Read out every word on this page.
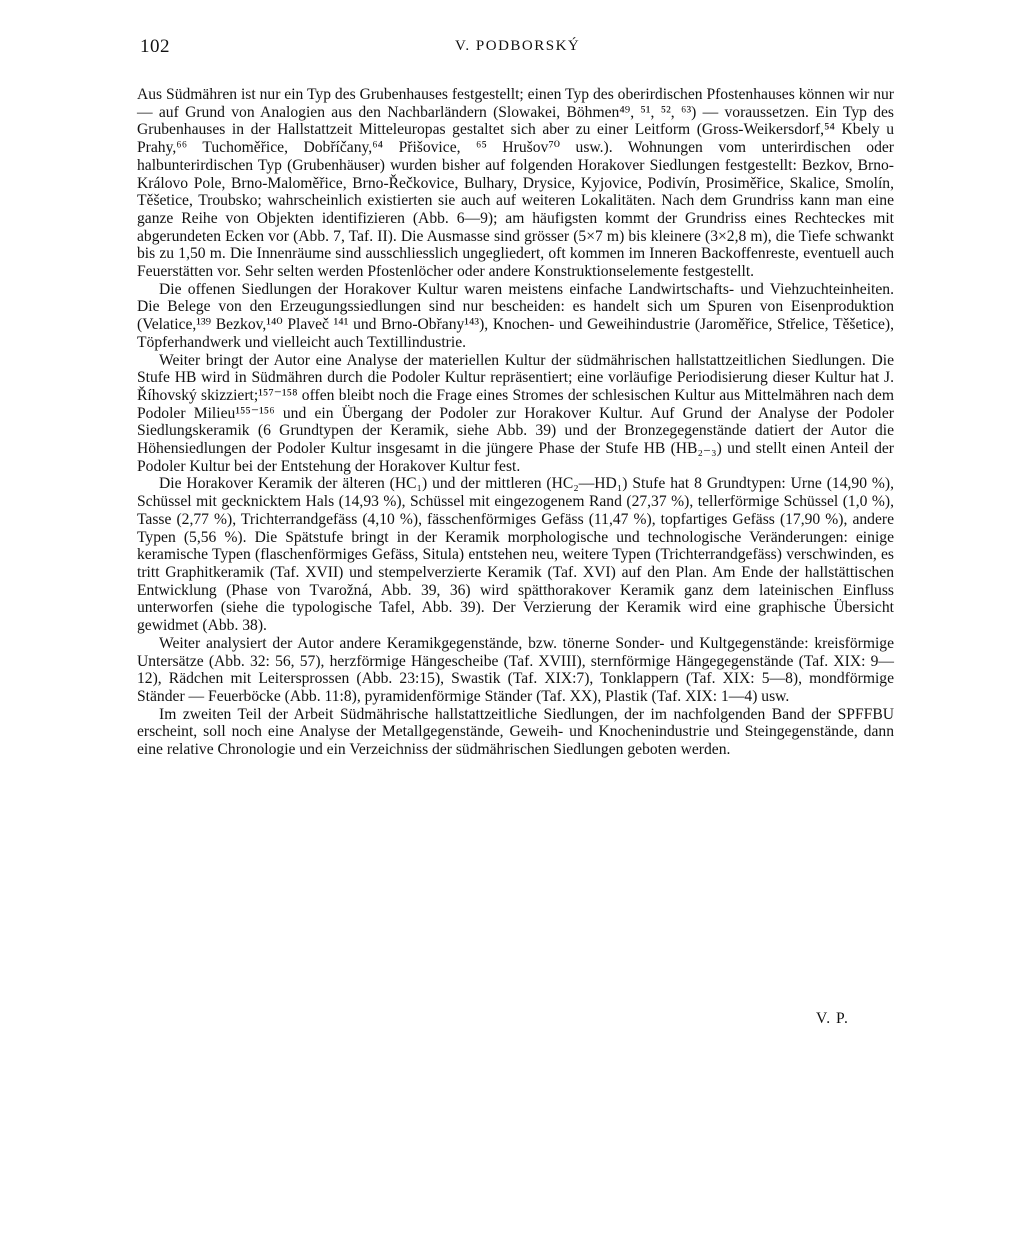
102	V. PODBORSKÝ

Aus Südmähren ist nur ein Typ des Grubenhauses festgestellt; einen Typ des oberirdischen Pfostenhauses können wir nur — auf Grund von Analogien aus den Nachbarländern (Slowakei, Böhmen⁴⁹, ⁵¹, ⁵², ⁶³) — voraussetzen. Ein Typ des Grubenhauses in der Hallstattzeit Mitteleuropas gestaltet sich aber zu einer Leitform (Gross-Weikersdorf,⁵⁴ Kbely u Prahy,⁶⁶ Tuchoměřice, Dobříčany,⁶⁴ Přišovice, ⁶⁵ Hrušov⁷⁰ usw.). Wohnungen vom unterirdischen oder halbunterirdischen Typ (Grubenhäuser) wurden bisher auf folgenden Horakover Siedlungen festgestellt: Bezkov, Brno-Královo Pole, Brno-Maloměřice, Brno-Řečkovice, Bulhary, Drysice, Kyjovice, Podivín, Prosiměřice, Skalice, Smolín, Těšetice, Troubsko; wahrscheinlich existierten sie auch auf weiteren Lokalitäten. Nach dem Grundriss kann man eine ganze Reihe von Objekten identifizieren (Abb. 6—9); am häufigsten kommt der Grundriss eines Rechteckes mit abgerundeten Ecken vor (Abb. 7, Taf. II). Die Ausmasse sind grösser (5×7 m) bis kleinere (3×2,8 m), die Tiefe schwankt bis zu 1,50 m. Die Innenräume sind ausschliesslich ungegliedert, oft kommen im Inneren Backoffenreste, eventuell auch Feuerstätten vor. Sehr selten werden Pfostenlöcher oder andere Konstruktionselemente festgestellt.

Die offenen Siedlungen der Horakover Kultur waren meistens einfache Landwirtschafts- und Viehzuchteinheiten. Die Belege von den Erzeugungssiedlungen sind nur bescheiden: es handelt sich um Spuren von Eisenproduktion (Velatice,¹³⁹ Bezkov,¹⁴⁰ Plaveč ¹⁴¹ und Brno-Obřany¹⁴³), Knochen- und Geweihindustrie (Jaroměřice, Střelice, Těšetice), Töpferhandwerk und vielleicht auch Textillindustrie.

Weiter bringt der Autor eine Analyse der materiellen Kultur der südmährischen hallstattzeitlichen Siedlungen. Die Stufe HB wird in Südmähren durch die Podoler Kultur repräsentiert; eine vorläufige Periodisierung dieser Kultur hat J. Říhovský skizziert;¹⁵⁷⁻¹⁵⁸ offen bleibt noch die Frage eines Stromes der schlesischen Kultur aus Mittelmähren nach dem Podoler Milieu¹⁵⁵⁻¹⁵⁶ und ein Übergang der Podoler zur Horakover Kultur. Auf Grund der Analyse der Podoler Siedlungskeramik (6 Grundtypen der Keramik, siehe Abb. 39) und der Bronzegegenstände datiert der Autor die Höhensiedlungen der Podoler Kultur insgesamt in die jüngere Phase der Stufe HB (HB₂₋₃) und stellt einen Anteil der Podoler Kultur bei der Entstehung der Horakover Kultur fest.

Die Horakover Keramik der älteren (HC₁) und der mittleren (HC₂—HD₁) Stufe hat 8 Grundtypen: Urne (14,90 %), Schüssel mit gecknicktem Hals (14,93 %), Schüssel mit eingezogenem Rand (27,37 %), tellerförmige Schüssel (1,0 %), Tasse (2,77 %), Trichterrandgefäss (4,10 %), fässchenförmiges Gefäss (11,47 %), topfartiges Gefäss (17,90 %), andere Typen (5,56 %). Die Spätstufe bringt in der Keramik morphologische und technologische Veränderungen: einige keramische Typen (flaschenförmiges Gefäss, Situla) entstehen neu, weitere Typen (Trichterrandgefäss) verschwinden, es tritt Graphitkeramik (Taf. XVII) und stempelverzierte Keramik (Taf. XVI) auf den Plan. Am Ende der hallstättischen Entwicklung (Phase von Tvarožná, Abb. 39, 36) wird spätthorakover Keramik ganz dem lateinischen Einfluss unterworfen (siehe die typologische Tafel, Abb. 39). Der Verzierung der Keramik wird eine graphische Übersicht gewidmet (Abb. 38).

Weiter analysiert der Autor andere Keramikgegenstände, bzw. tönerne Sonder- und Kultgegenstände: kreisförmige Untersätze (Abb. 32: 56, 57), herzförmige Hängescheibe (Taf. XVIII), sternförmige Hängegegenstände (Taf. XIX: 9—12), Rädchen mit Leitersprossen (Abb. 23:15), Swastik (Taf. XIX:7), Tonklappern (Taf. XIX: 5—8), mondförmige Ständer — Feuerböcke (Abb. 11:8), pyramidenförmige Ständer (Taf. XX), Plastik (Taf. XIX: 1—4) usw.

Im zweiten Teil der Arbeit Südmährische hallstattzeitliche Siedlungen, der im nachfolgenden Band der SPFFBU erscheint, soll noch eine Analyse der Metallgegenstände, Geweih- und Knochenindustrie und Steingegenstände, dann eine relative Chronologie und ein Verzeichniss der südmährischen Siedlungen geboten werden.

V. P.
